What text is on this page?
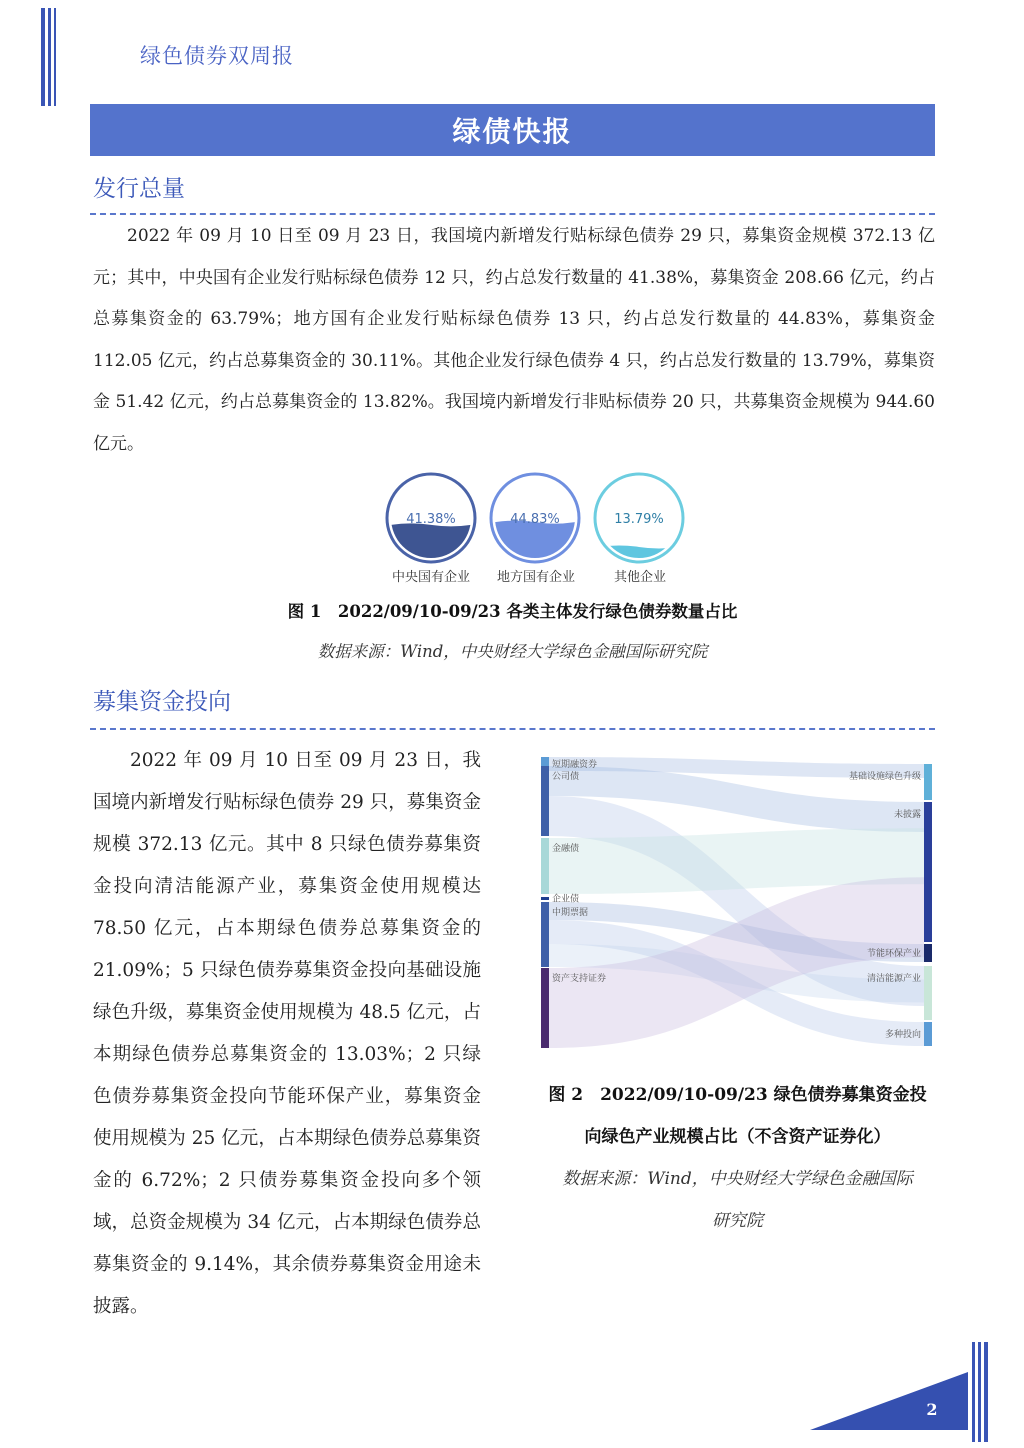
绿色债券双周报
绿债快报
发行总量

2022 年 09 月 10 日至 09 月 23 日，我国境内新增发行贴标绿色债券 29 只，募集资金规模 372.13 亿元；其中，中央国有企业发行贴标绿色债券 12 只，约占总发行数量的 41.38%，募集资金 208.66 亿元，约占总募集资金的 63.79%；地方国有企业发行贴标绿色债券 13 只，约占总发行数量的 44.83%，募集资金 112.05 亿元，约占总募集资金的 30.11%。其他企业发行绿色债券 4 只，约占总发行数量的 13.79%，募集资金 51.42 亿元，约占总募集资金的 13.82%。我国境内新增发行非贴标债券 20 只，共募集资金规模为 944.60 亿元。

41.38%	44.83%	13.79%
中央国有企业	地方国有企业	其他企业
图 1　2022/09/10-09/23 各类主体发行绿色债券数量占比
数据来源：Wind，中央财经大学绿色金融国际研究院
募集资金投向

2022 年 09 月 10 日至 09 月 23 日，我国境内新增发行贴标绿色债券 29 只，募集资金规模 372.13 亿元。其中 8 只绿色债券募集资金投向清洁能源产业，募集资金使用规模达 78.50 亿元，占本期绿色债券总募集资金的 21.09%；5 只绿色债券募集资金投向基础设施绿色升级，募集资金使用规模为 48.5 亿元，占本期绿色债券总募集资金的 13.03%；2 只绿色债券募集资金投向节能环保产业，募集资金使用规模为 25 亿元，占本期绿色债券总募集资金的 6.72%；2 只债券募集资金投向多个领域，总资金规模为 34 亿元，占本期绿色债券总募集资金的 9.14%，其余债券募集资金用途未披露。

短期融资券
公司债
金融债
企业债
中期票据
资产支持证券
基础设施绿色升级
未披露
节能环保产业
清洁能源产业
多种投向
图 2　2022/09/10-09/23 绿色债券募集资金投
向绿色产业规模占比（不含资产证券化）
数据来源：Wind，中央财经大学绿色金融国际
研究院
2
